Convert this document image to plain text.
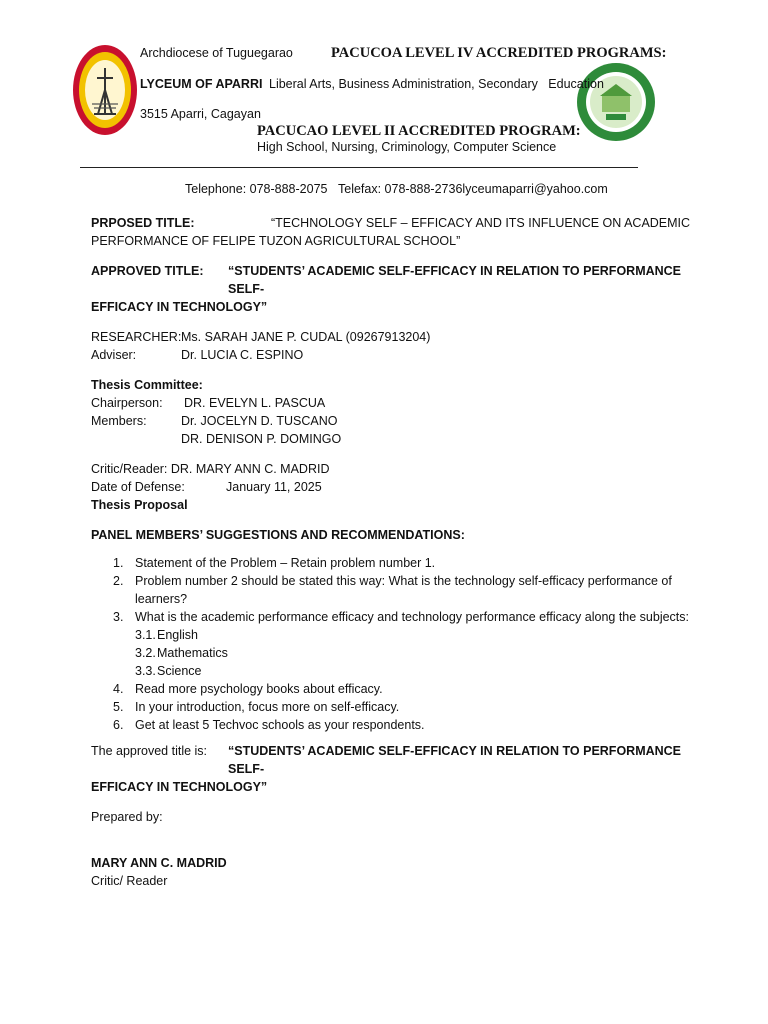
Archdiocese of Tuguegarao	PACUCOA LEVEL IV ACCREDITED PROGRAMS:
LYCEUM OF APARRI Liberal Arts, Business Administration, Secondary   Education
3515 Aparri, Cagayan
PACUCAO LEVEL II ACCREDITED PROGRAM:
High School, Nursing, Criminology, Computer Science
Telephone: 078-888-2075 Telefax: 078-888-2736lyceumaparri@yahoo.com
PRPOSED TITLE:	“TECHNOLOGY SELF – EFFICACY AND ITS INFLUENCE ON ACADEMIC

PERFORMANCE OF FELIPE TUZON AGRICULTURAL SCHOOL”

APPROVED TITLE:	“STUDENTS’ ACADEMIC SELF-EFFICACY IN RELATION TO PERFORMANCE SELF-

EFFICACY IN TECHNOLOGY”

RESEARCHER: Ms. SARAH JANE P. CUDAL (09267913204)
Adviser:	Dr. LUCIA C. ESPINO

Thesis Committee:

Chairperson:	DR. EVELYN L. PASCUA
Members:	Dr. JOCELYN D. TUSCANO
DR. DENISON P. DOMINGO

Critic/Reader: DR. MARY ANN C. MADRID

Date of Defense:	January 11, 2025

Thesis Proposal

PANEL MEMBERS’ SUGGESTIONS AND RECOMMENDATIONS:

1. Statement of the Problem – Retain problem number 1.
2. Problem number 2 should be stated this way: What is the technology self-efficacy performance of learners?
3. What is the academic performance efficacy and technology performance efficacy along the subjects:
3.1.English
3.2.Mathematics
3.3.Science
4. Read more psychology books about efficacy.
5. In your introduction, focus more on self-efficacy.
6. Get at least 5 Techvoc schools as your respondents.
The approved title is:	“STUDENTS’ ACADEMIC SELF-EFFICACY IN RELATION TO PERFORMANCE SELF-

EFFICACY IN TECHNOLOGY”

Prepared by:

MARY ANN C. MADRID

Critic/ Reader
